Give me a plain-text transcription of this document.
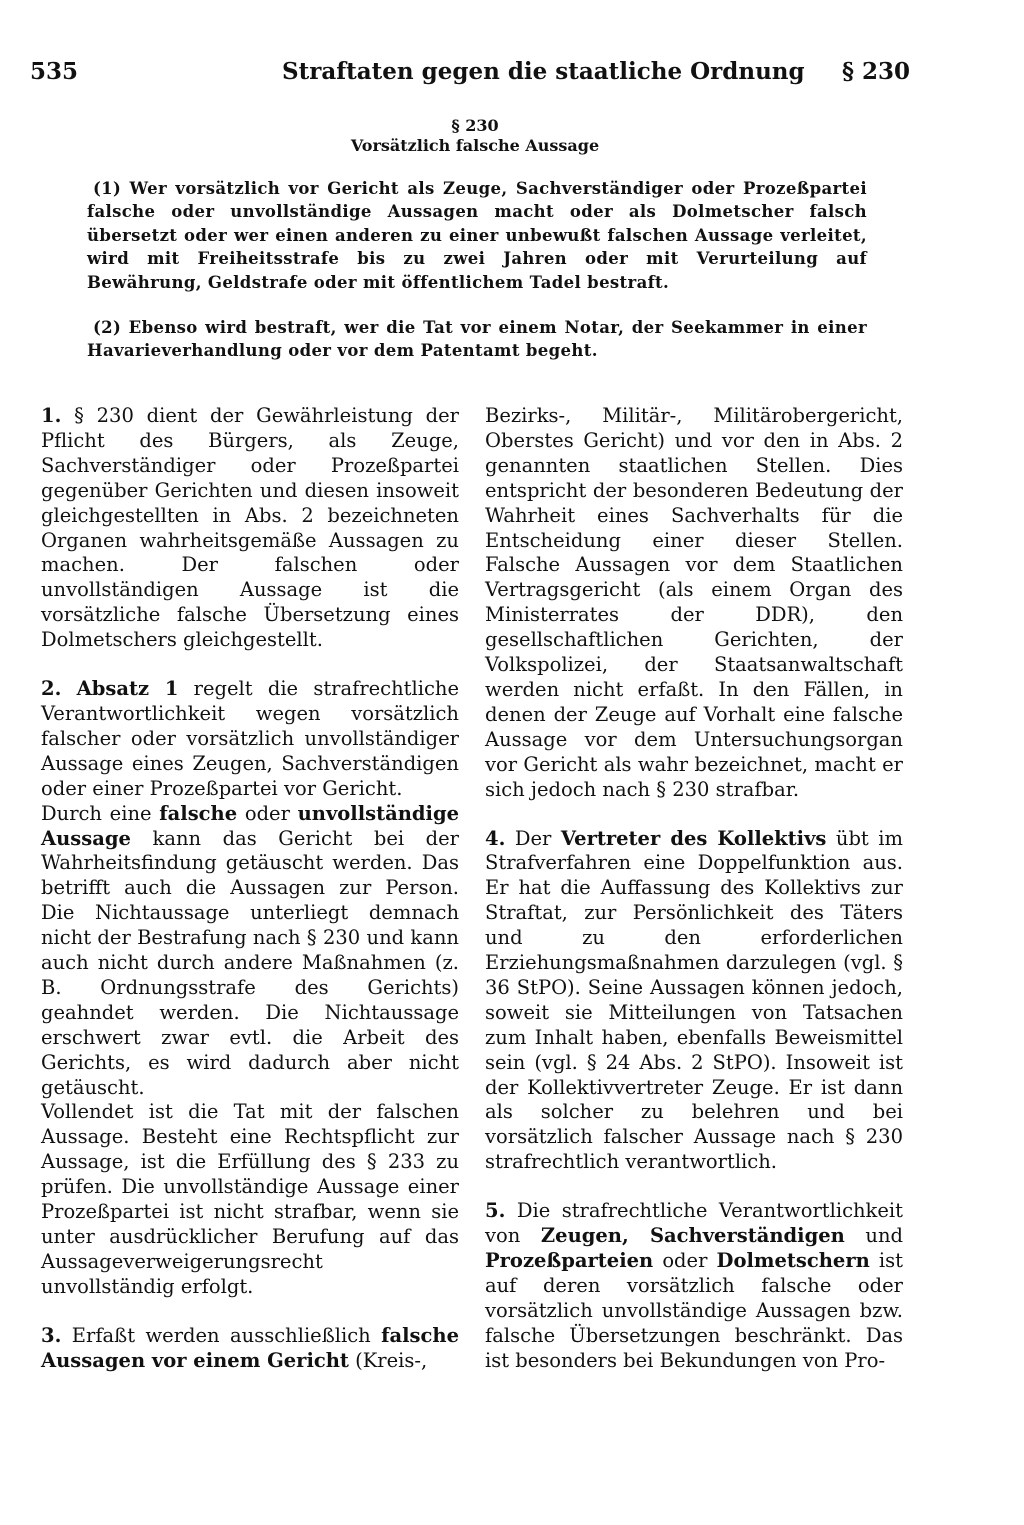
535	Straftaten gegen die staatliche Ordnung § 230
§ 230
Vorsätzlich falsche Aussage

(1) Wer vorsätzlich vor Gericht als Zeuge, Sachverständiger oder Prozeßpartei falsche oder unvollständige Aussagen macht oder als Dolmetscher falsch übersetzt oder wer einen anderen zu einer unbewußt falschen Aussage verleitet, wird mit Freiheitsstrafe bis zu zwei Jahren oder mit Verurteilung auf Bewährung, Geldstrafe oder mit öffentlichem Tadel bestraft.

(2) Ebenso wird bestraft, wer die Tat vor einem Notar, der Seekammer in einer Havarieverhandlung oder vor dem Patentamt begeht.

1. § 230 dient der Gewährleistung der Pflicht des Bürgers, als Zeuge, Sachverständiger oder Prozeßpartei gegenüber Gerichten und diesen insoweit gleichgestellten in Abs. 2 bezeichneten Organen wahrheitsgemäße Aussagen zu machen. Der falschen oder unvollständigen Aussage ist die vorsätzliche falsche Übersetzung eines Dolmetschers gleichgestellt.

2. Absatz 1 regelt die strafrechtliche Verantwortlichkeit wegen vorsätzlich falscher oder vorsätzlich unvollständiger Aussage eines Zeugen, Sachverständigen oder einer Prozeßpartei vor Gericht.

Durch eine falsche oder unvollständige Aussage kann das Gericht bei der Wahrheitsfindung getäuscht werden. Das betrifft auch die Aussagen zur Person. Die Nichtaussage unterliegt demnach nicht der Bestrafung nach § 230 und kann auch nicht durch andere Maßnahmen (z. B. Ordnungsstrafe des Gerichts) geahndet werden. Die Nichtaussage erschwert zwar evtl. die Arbeit des Gerichts, es wird dadurch aber nicht getäuscht.

Vollendet ist die Tat mit der falschen Aussage. Besteht eine Rechtspflicht zur Aussage, ist die Erfüllung des § 233 zu prüfen. Die unvollständige Aussage einer Prozeßpartei ist nicht strafbar, wenn sie unter ausdrücklicher Berufung auf das Aussageverweigerungsrecht unvollständig erfolgt.

3. Erfaßt werden ausschließlich falsche Aussagen vor einem Gericht (Kreis-,

Bezirks-, Militär-, Militärobergericht, Oberstes Gericht) und vor den in Abs. 2 genannten staatlichen Stellen. Dies entspricht der besonderen Bedeutung der Wahrheit eines Sachverhalts für die Entscheidung einer dieser Stellen. Falsche Aussagen vor dem Staatlichen Vertragsgericht (als einem Organ des Ministerrates der DDR), den gesellschaftlichen Gerichten, der Volkspolizei, der Staatsanwaltschaft werden nicht erfaßt. In den Fällen, in denen der Zeuge auf Vorhalt eine falsche Aussage vor dem Untersuchungsorgan vor Gericht als wahr bezeichnet, macht er sich jedoch nach § 230 strafbar.

4. Der Vertreter des Kollektivs übt im Strafverfahren eine Doppelfunktion aus. Er hat die Auffassung des Kollektivs zur Straftat, zur Persönlichkeit des Täters und zu den erforderlichen Erziehungsmaßnahmen darzulegen (vgl. § 36 StPO). Seine Aussagen können jedoch, soweit sie Mitteilungen von Tatsachen zum Inhalt haben, ebenfalls Beweismittel sein (vgl. § 24 Abs. 2 StPO). Insoweit ist der Kollektivvertreter Zeuge. Er ist dann als solcher zu belehren und bei vorsätzlich falscher Aussage nach § 230 strafrechtlich verantwortlich.

5. Die strafrechtliche Verantwortlichkeit von Zeugen, Sachverständigen und Prozeßparteien oder Dolmetschern ist auf deren vorsätzlich falsche oder vorsätzlich unvollständige Aussagen bzw. falsche Übersetzungen beschränkt. Das ist besonders bei Bekundungen von Pro-
